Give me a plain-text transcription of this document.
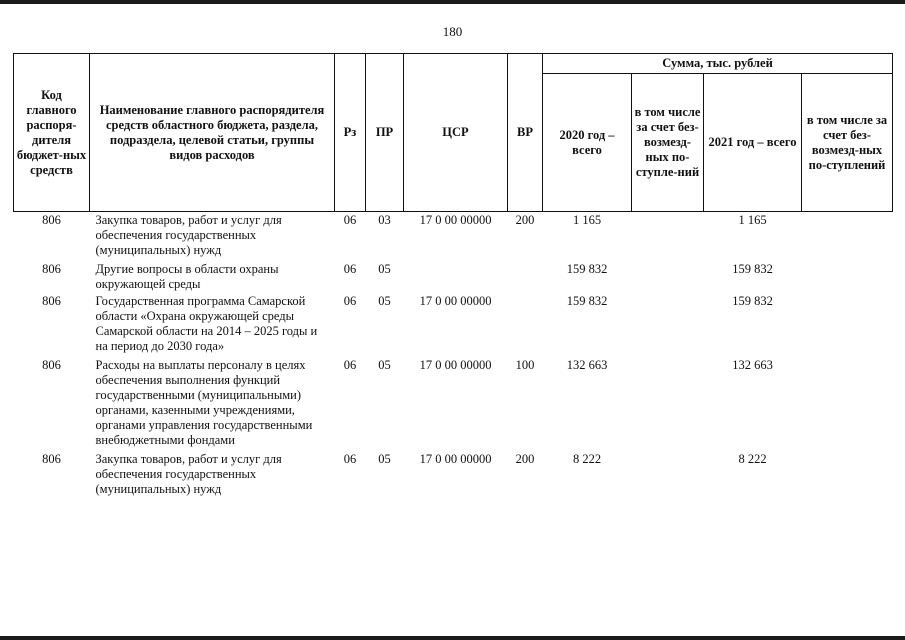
180
Код главного распоря-дителя бюджет-ных средств	Наименование главного распорядителя средств областного бюджета, раздела, подраздела, целевой статьи, группы видов расходов	Рз	ПР	ЦСР	ВР	Сумма, тыс. рублей			
						2020 год – всего	в том числе за счет без-возмезд-ных по-ступле-ний	2021 год – всего	в том числе за счет без-возмезд-ных по-ступлений
806	Закупка товаров, работ и услуг для обеспечения государственных (муниципальных) нужд	06	03	17 0 00 00000	200	1 165		1 165	
806	Другие вопросы в области охраны окружающей среды	06	05			159 832		159 832	
806	Государственная программа Самарской области «Охрана окружающей среды Самарской области на 2014 – 2025 годы и на период до 2030 года»	06	05	17 0 00 00000		159 832		159 832	
806	Расходы на выплаты персоналу в целях обеспечения выполнения функций государственными (муниципальными) органами, казенными учреждениями, органами управления государственными внебюджетными фондами	06	05	17 0 00 00000	100	132 663		132 663	
806	Закупка товаров, работ и услуг для обеспечения государственных (муниципальных) нужд	06	05	17 0 00 00000	200	8 222		8 222	
